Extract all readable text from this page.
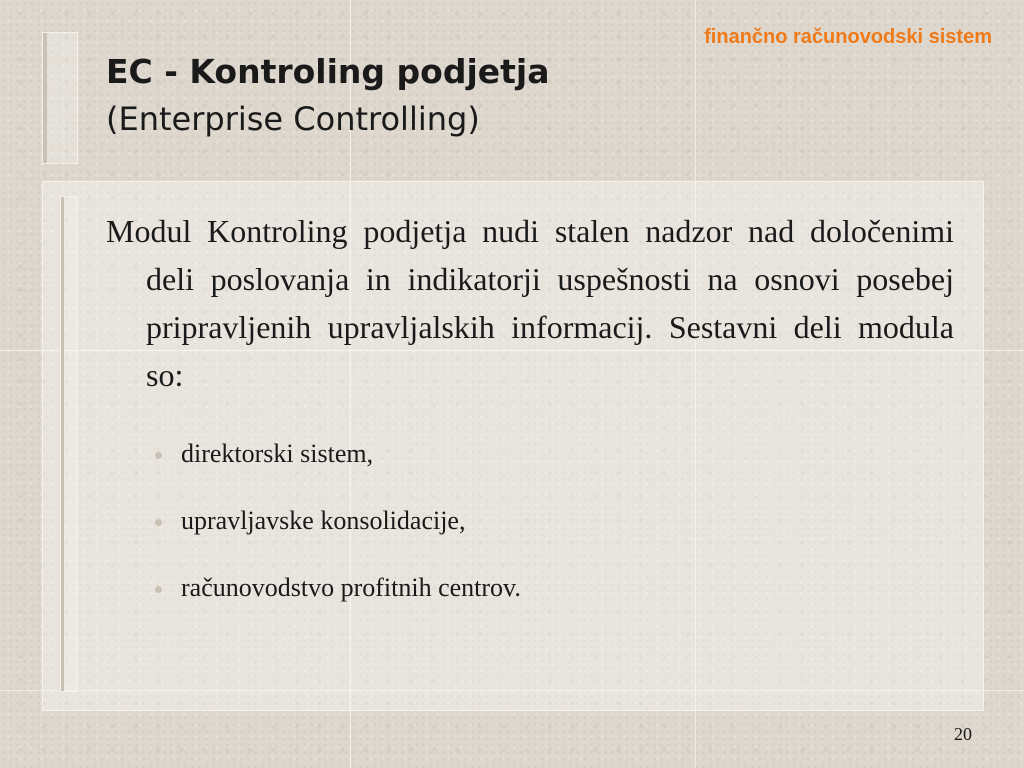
finančno računovodski sistem
EC - Kontroling podjetja
(Enterprise Controlling)
Modul Kontroling podjetja nudi stalen nadzor nad določenimi deli poslovanja in indikatorji uspešnosti na osnovi posebej pripravljenih upravljalskih informacij. Sestavni deli modula so:
direktorski sistem,
upravljavske konsolidacije,
računovodstvo profitnih centrov.
20
